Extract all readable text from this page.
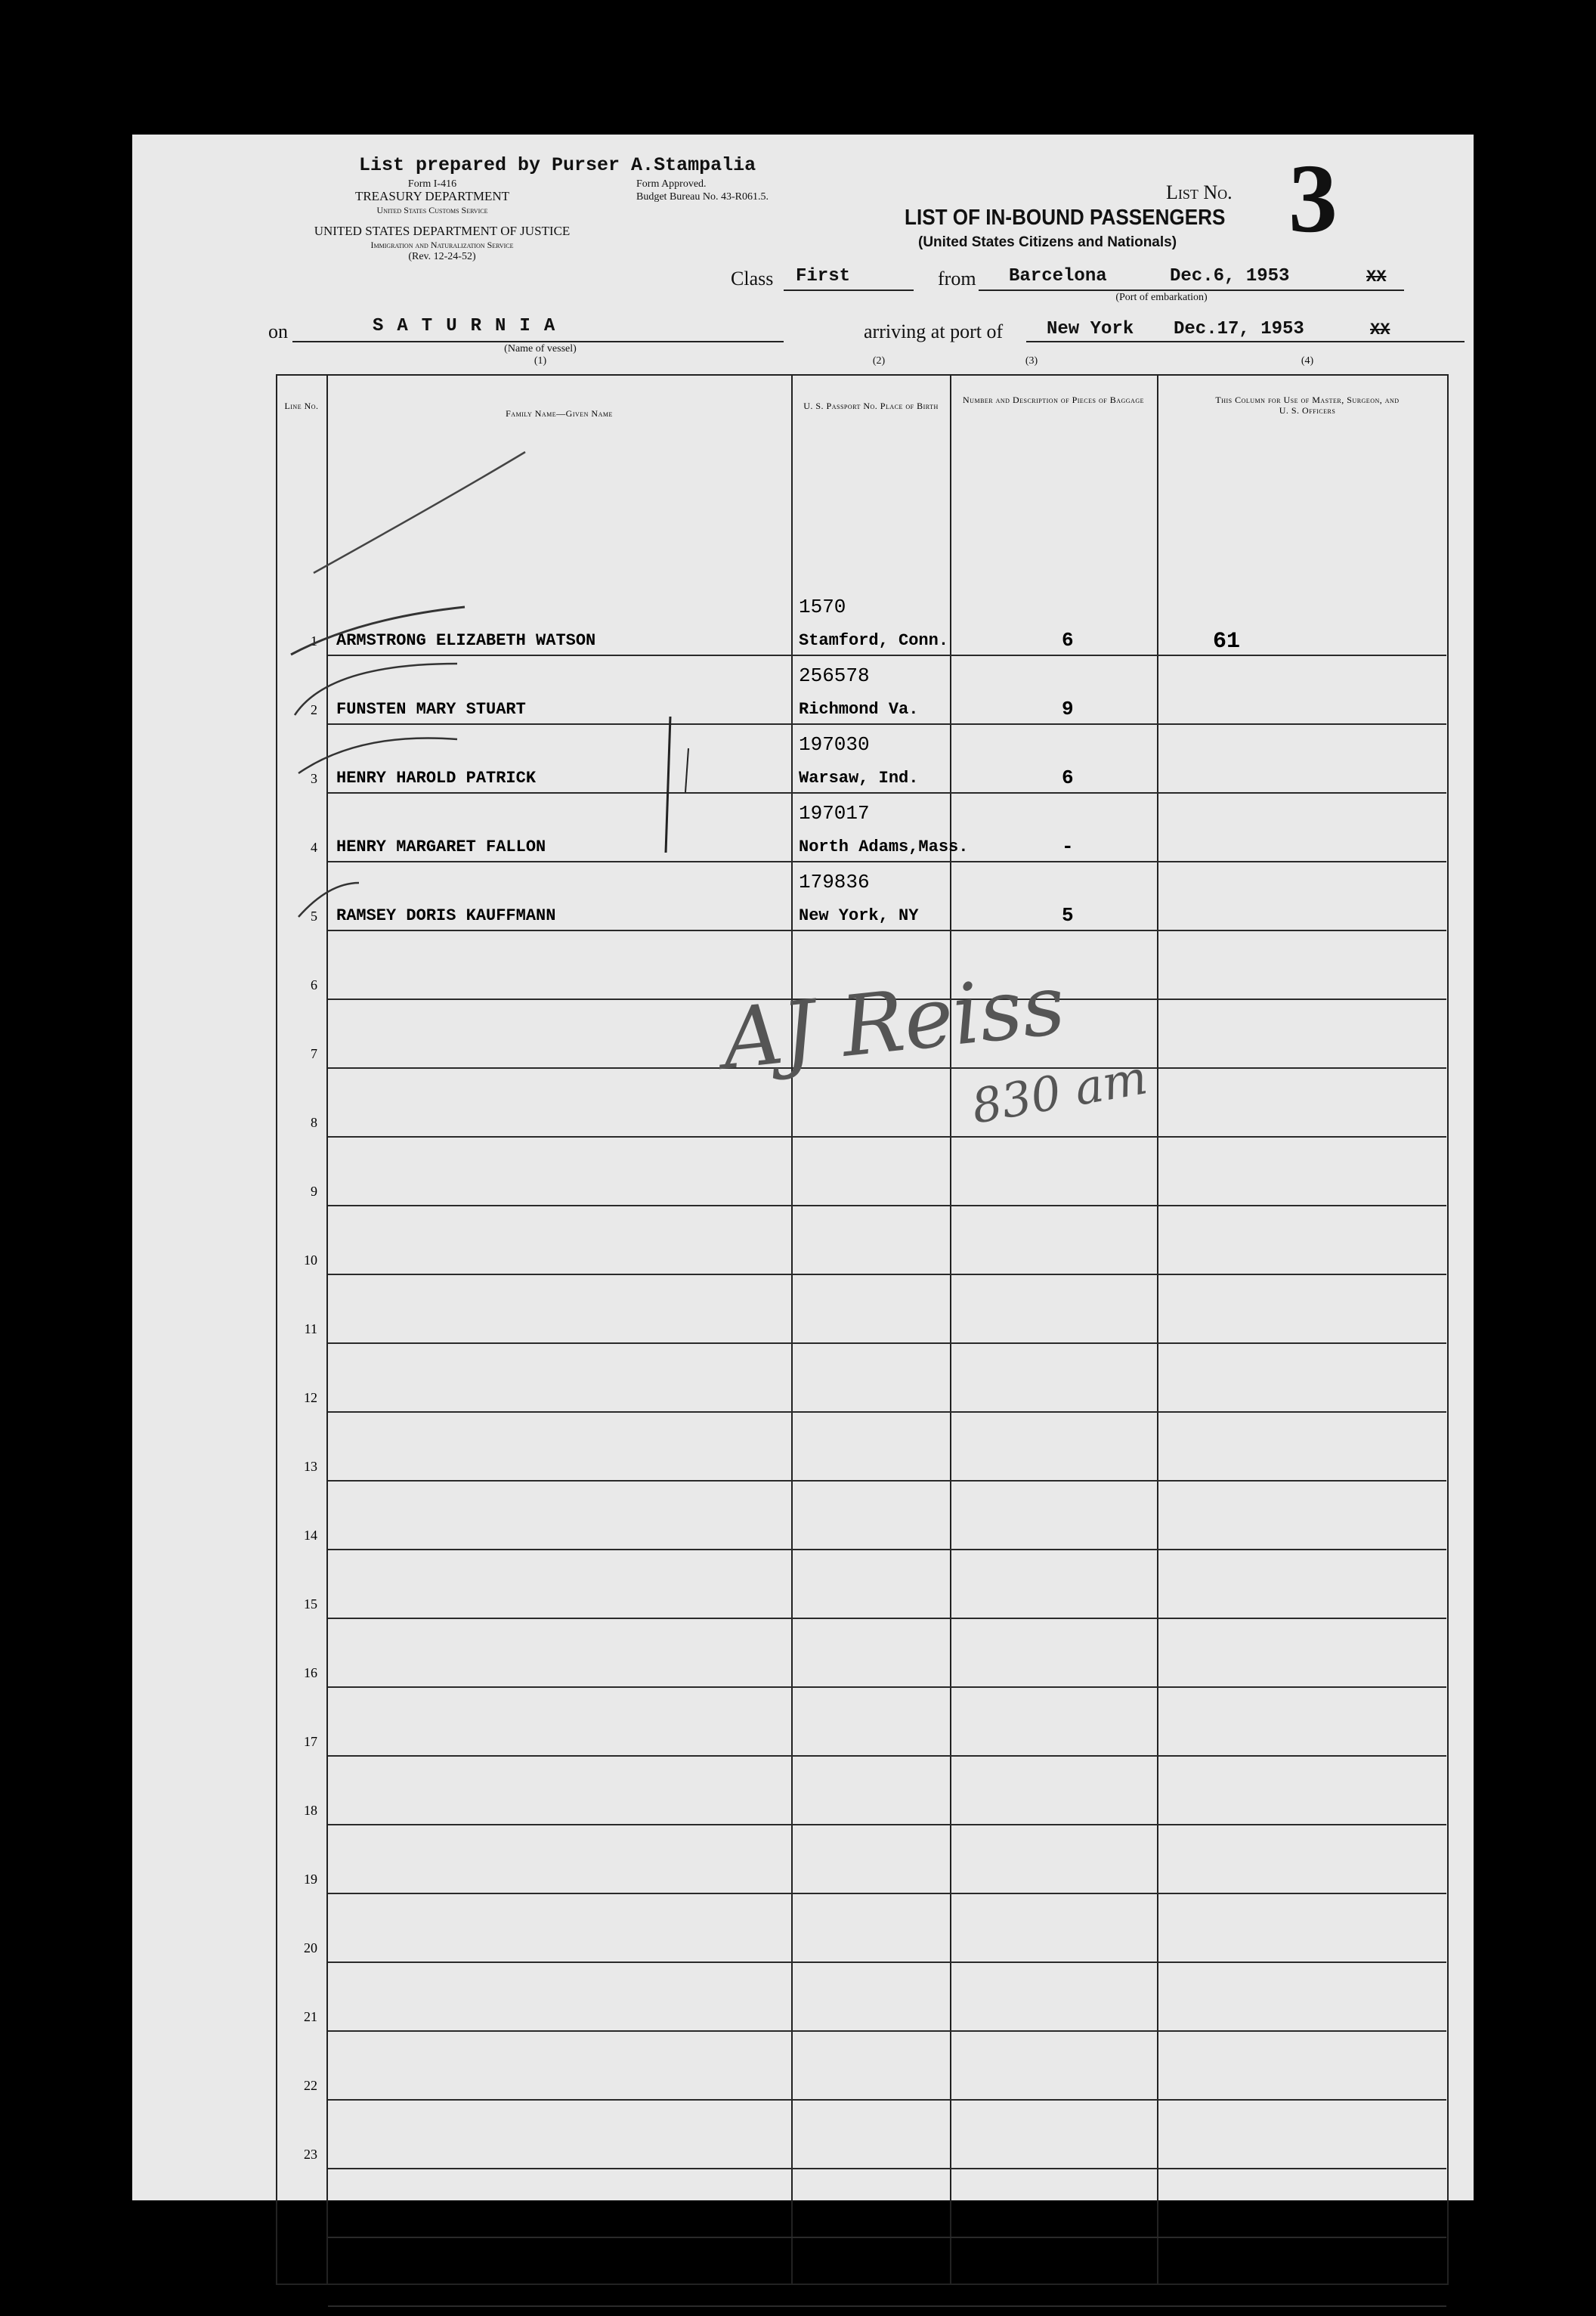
List prepared by Purser A.Stampalia
Form I-416
TREASURY DEPARTMENT
United States Customs Service
Form Approved.
Budget Bureau No. 43-R061.5.
UNITED STATES DEPARTMENT OF JUSTICE
Immigration and Naturalization Service
(Rev. 12-24-52)
List No. 3
LIST OF IN-BOUND PASSENGERS
(United States Citizens and Nationals)
Class First	from Barcelona	Dec.6, 1953	XX
(Port of embarkation)
on	SATURNIA
(Name of vessel)
(1)
arriving at port of New York Dec.17, 1953	XX
(2)	(3)	(4)
Line No.
Family Name—Given Name
U. S. Passport No. Place of Birth
Number and Description of Pieces of Baggage	This Column for Use of Master, Surgeon, and U. S. Officers
1 ARMSTRONG ELIZABETH WATSON
1570
Stamford, Conn.	6	61
2 FUNSTEN MARY STUART
256578
Richmond Va.	9
3 HENRY HAROLD PATRICK
197030
Warsaw, Ind.	6
4 HENRY MARGARET FALLON
197017
North Adams,Mass.	-
5 RAMSEY DORIS KAUFFMANN
179836
New York, NY	5
6
7
8
9
10
11
12
13
14
15
16
17
18
19
20
21
22
23
24
25
AJ Reiss
830 am
48322
